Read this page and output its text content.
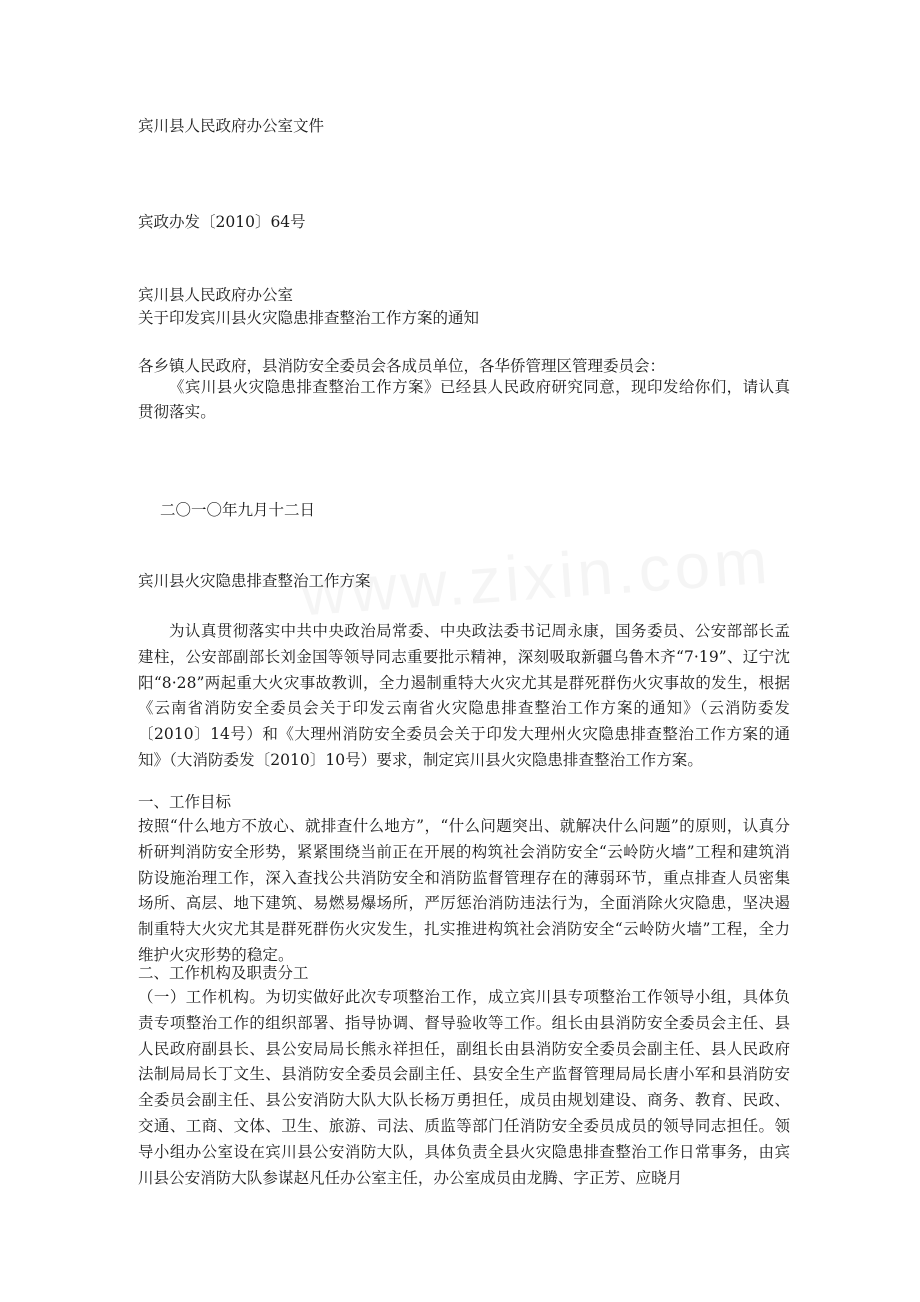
宾川县人民政府办公室文件
宾政办发〔2010〕64号
宾川县人民政府办公室
关于印发宾川县火灾隐患排查整治工作方案的通知
各乡镇人民政府，县消防安全委员会各成员单位，各华侨管理区管理委员会：
《宾川县火灾隐患排查整治工作方案》已经县人民政府研究同意，现印发给你们，请认真贯彻落实。
二〇一〇年九月十二日
宾川县火灾隐患排查整治工作方案
为认真贯彻落实中共中央政治局常委、中央政法委书记周永康，国务委员、公安部部长孟建柱，公安部副部长刘金国等领导同志重要批示精神，深刻吸取新疆乌鲁木齐“7·19”、辽宁沈阳“8·28”两起重大火灾事故教训，全力遏制重特大火灾尤其是群死群伤火灾事故的发生，根据《云南省消防安全委员会关于印发云南省火灾隐患排查整治工作方案的通知》（云消防委发〔2010〕14号）和《大理州消防安全委员会关于印发大理州火灾隐患排查整治工作方案的通知》（大消防委发〔2010〕10号）要求，制定宾川县火灾隐患排查整治工作方案。
一、工作目标
按照“什么地方不放心、就排查什么地方”，“什么问题突出、就解决什么问题”的原则，认真分析研判消防安全形势，紧紧围绕当前正在开展的构筑社会消防安全“云岭防火墙”工程和建筑消防设施治理工作，深入查找公共消防安全和消防监督管理存在的薄弱环节，重点排查人员密集场所、高层、地下建筑、易燃易爆场所，严厉惩治消防违法行为，全面消除火灾隐患，坚决遏制重特大火灾尤其是群死群伤火灾发生，扎实推进构筑社会消防安全“云岭防火墙”工程，全力维护火灾形势的稳定。
二、工作机构及职责分工
（一）工作机构。为切实做好此次专项整治工作，成立宾川县专项整治工作领导小组，具体负责专项整治工作的组织部署、指导协调、督导验收等工作。组长由县消防安全委员会主任、县人民政府副县长、县公安局局长熊永祥担任，副组长由县消防安全委员会副主任、县人民政府法制局局长丁文生、县消防安全委员会副主任、县安全生产监督管理局局长唐小军和县消防安全委员会副主任、县公安消防大队大队长杨万勇担任，成员由规划建设、商务、教育、民政、交通、工商、文体、卫生、旅游、司法、质监等部门任消防安全委员成员的领导同志担任。领导小组办公室设在宾川县公安消防大队，具体负责全县火灾隐患排查整治工作日常事务，由宾川县公安消防大队参谋赵凡任办公室主任，办公室成员由龙腾、字正芳、应晓月
